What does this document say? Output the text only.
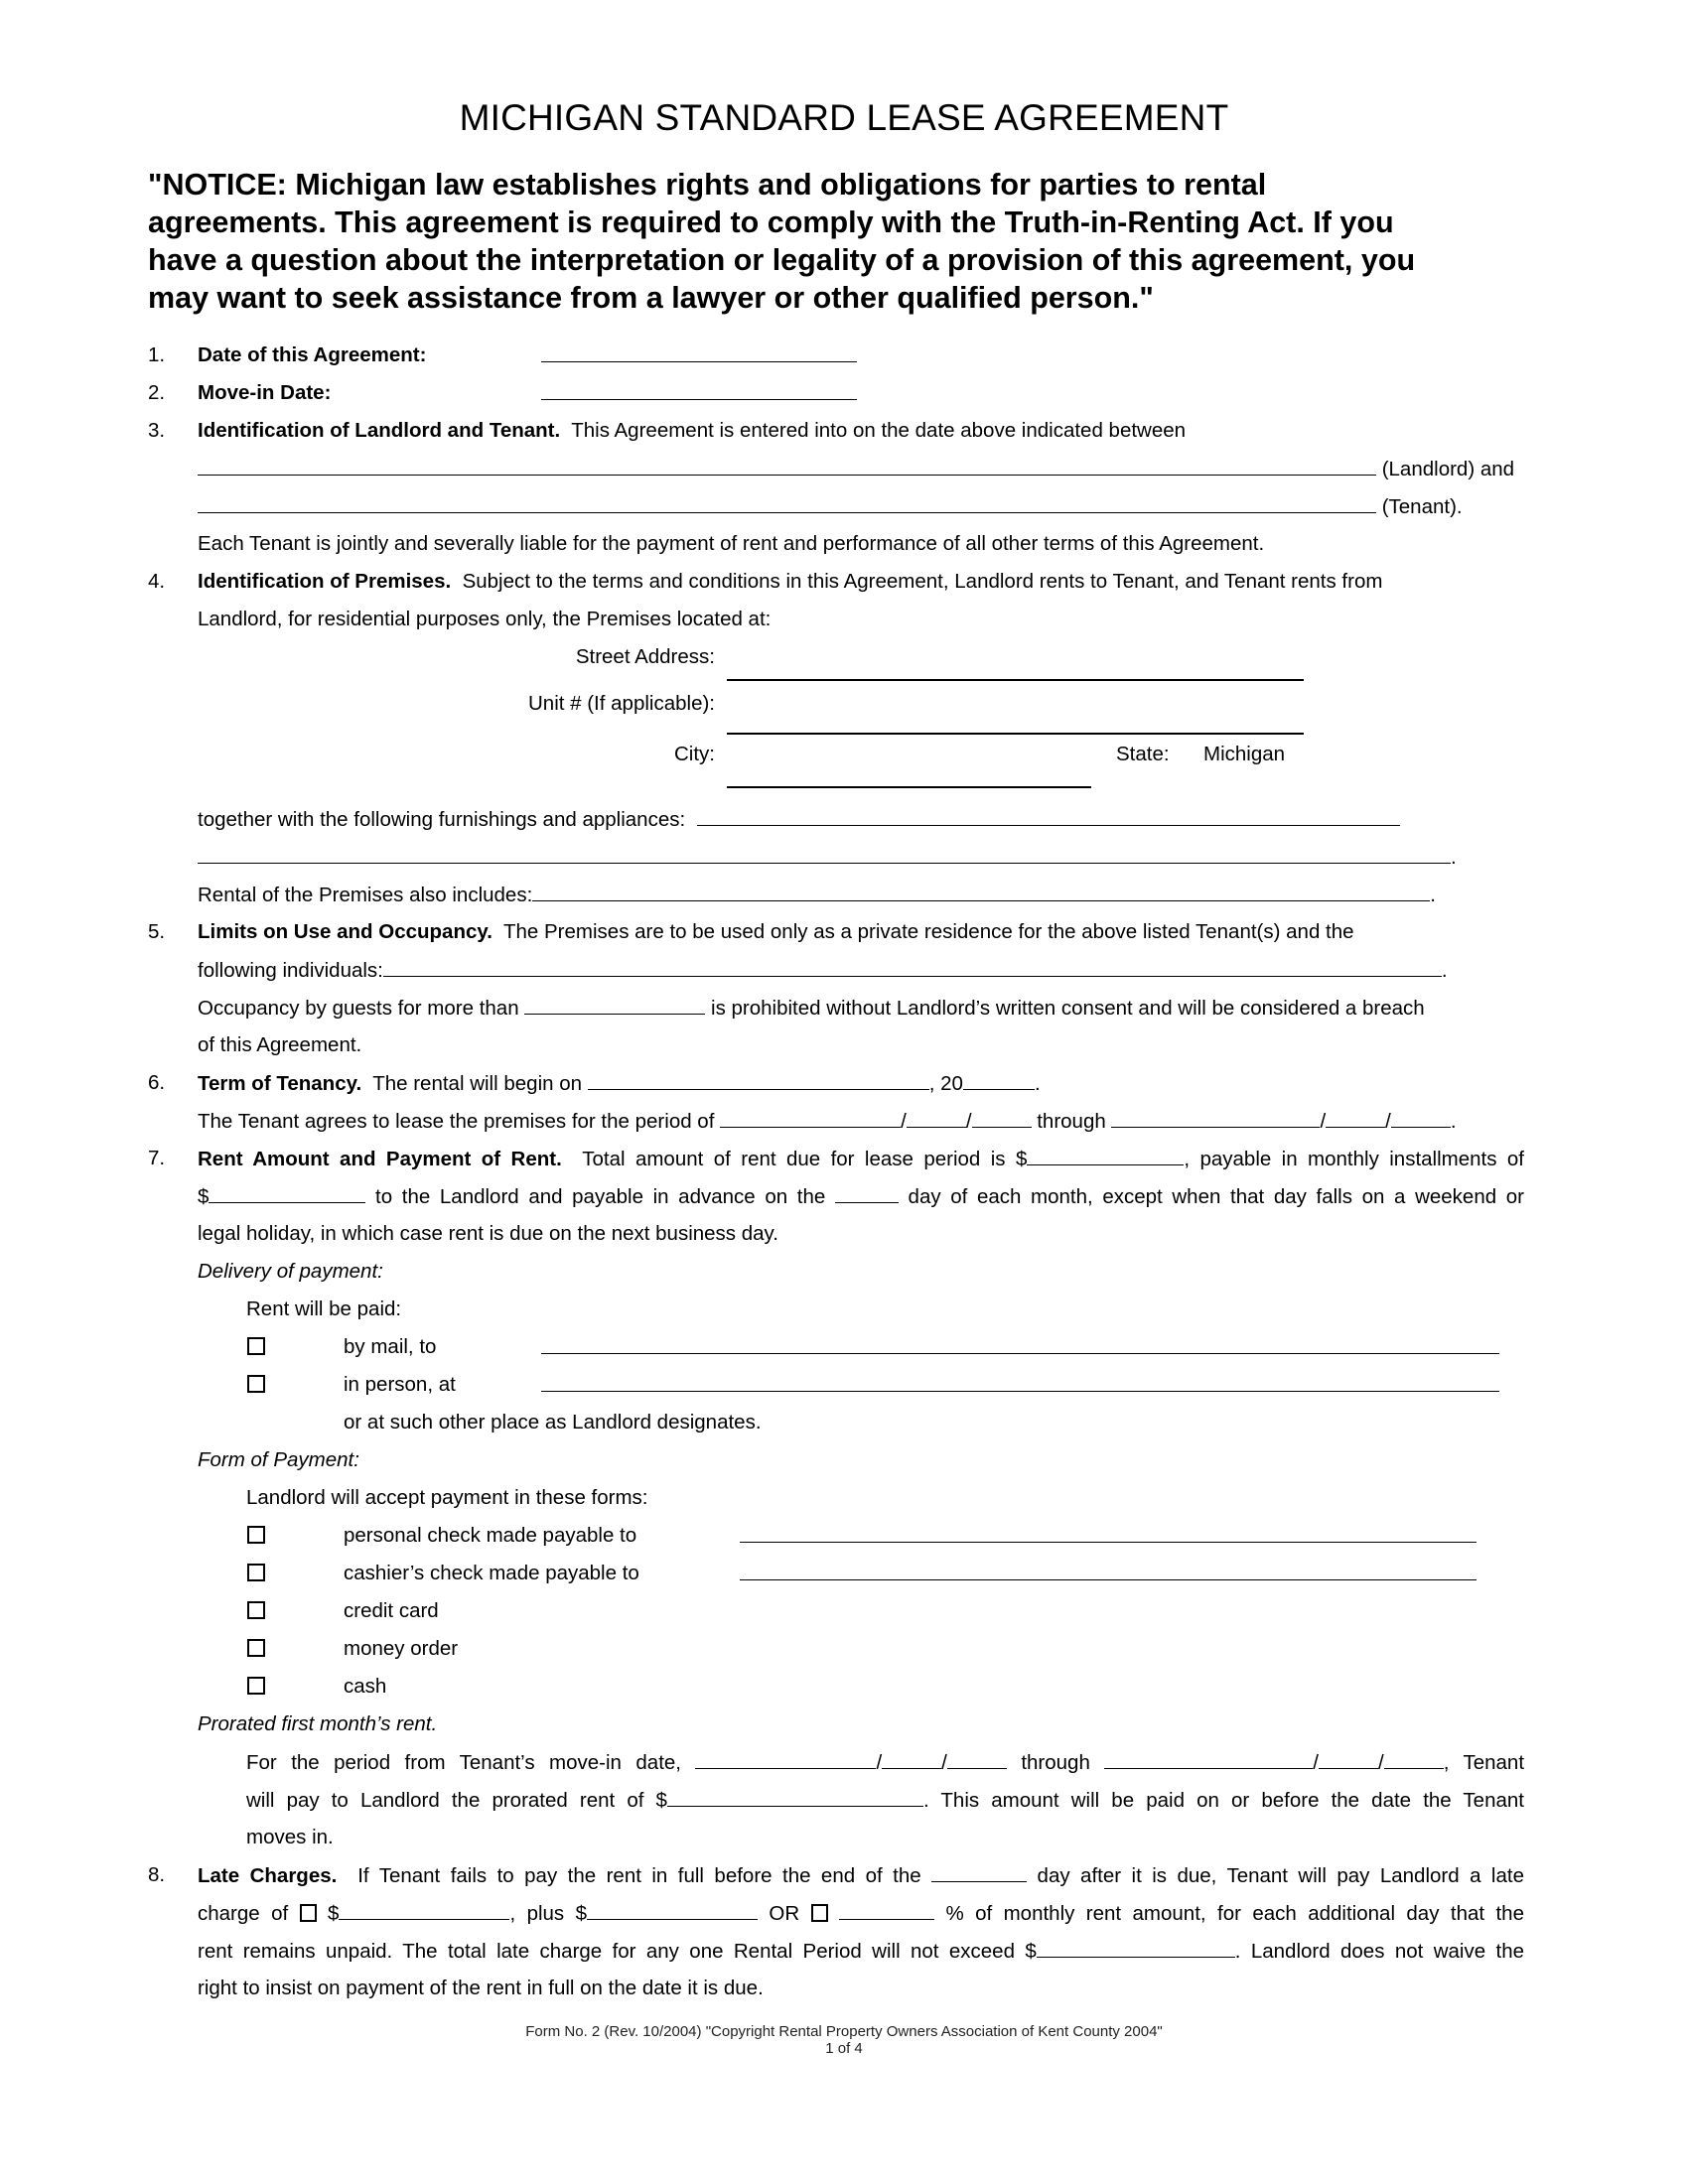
MICHIGAN STANDARD LEASE AGREEMENT
"NOTICE: Michigan law establishes rights and obligations for parties to rental
agreements. This agreement is required to comply with the Truth-in-Renting Act. If you
have a question about the interpretation or legality of a provision of this agreement, you
may want to seek assistance from a lawyer or other qualified person."
1. Date of this Agreement:
2. Move-in Date:
3. Identification of Landlord and Tenant. This Agreement is entered into on the date above indicated between
(Landlord) and
(Tenant).
Each Tenant is jointly and severally liable for the payment of rent and performance of all other terms of this Agreement.
4. Identification of Premises. Subject to the terms and conditions in this Agreement, Landlord rents to Tenant, and Tenant rents from
Landlord, for residential purposes only, the Premises located at:
Street Address:
Unit # (If applicable):
City:	State: Michigan
together with the following furnishings and appliances:
.
Rental of the Premises also includes:	.
5. Limits on Use and Occupancy. The Premises are to be used only as a private residence for the above listed Tenant(s) and the
following individuals:	.
Occupancy by guests for more than	is prohibited without Landlord’s written consent and will be considered a breach
of this Agreement.
6. Term of Tenancy. The rental will begin on	, 20	.
The Tenant agrees to lease the premises for the period of	/	/	through	/	/	.
7. Rent Amount and Payment of Rent. Total amount of rent due for lease period is $	, payable in monthly installments of
$	to the Landlord and payable in advance on the	day of each month, except when that day falls on a weekend or
legal holiday, in which case rent is due on the next business day.
Delivery of payment:
Rent will be paid:
by mail, to
in person, at
or at such other place as Landlord designates.
Form of Payment:
Landlord will accept payment in these forms:
personal check made payable to
cashier’s check made payable to
credit card
money order
cash
Prorated first month’s rent.
For the period from Tenant’s move-in date,	/	/	through	/	/	, Tenant
will pay to Landlord the prorated rent of $	. This amount will be paid on or before the date the Tenant
moves in.
8. Late Charges. If Tenant fails to pay the rent in full before the end of the	day after it is due, Tenant will pay Landlord a late
charge of $	, plus $	OR	% of monthly rent amount, for each additional day that the
rent remains unpaid. The total late charge for any one Rental Period will not exceed $	. Landlord does not waive the
right to insist on payment of the rent in full on the date it is due.
Form No. 2 (Rev. 10/2004) "Copyright Rental Property Owners Association of Kent County 2004"
1 of 4
